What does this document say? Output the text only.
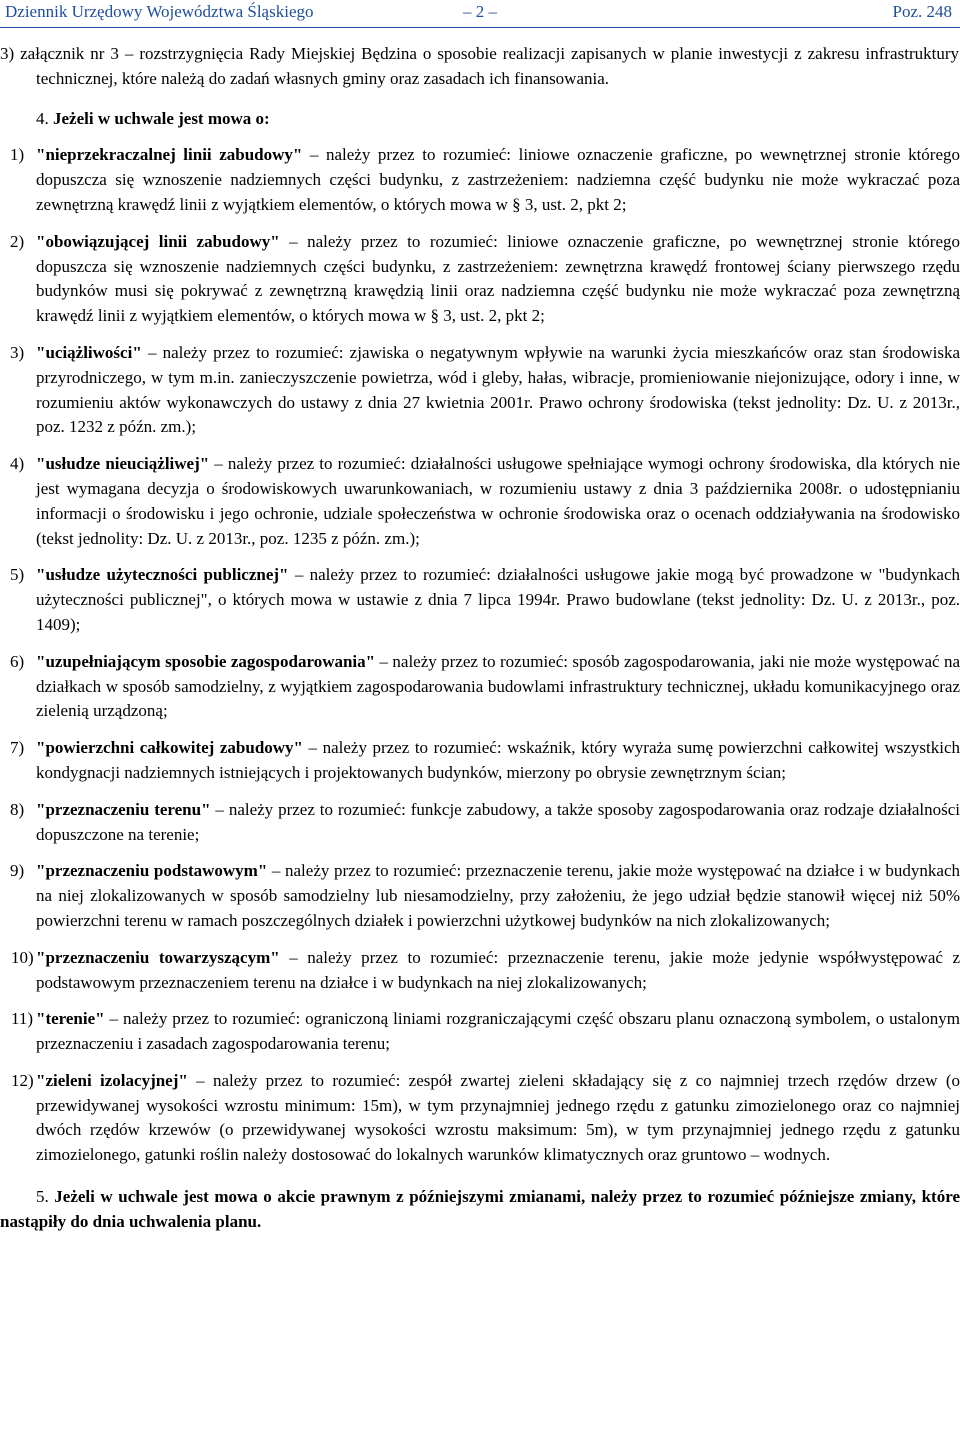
Dziennik Urzędowy Województwa Śląskiego	– 2 –	Poz. 248

3) załącznik nr 3 – rozstrzygnięcia Rady Miejskiej Będzina o sposobie realizacji zapisanych w planie inwestycji z zakresu infrastruktury technicznej, które należą do zadań własnych gminy oraz zasadach ich finansowania.

4. Jeżeli w uchwale jest mowa o:

1) "nieprzekraczalnej linii zabudowy" – należy przez to rozumieć: liniowe oznaczenie graficzne, po wewnętrznej stronie którego dopuszcza się wznoszenie nadziemnych części budynku, z zastrzeżeniem: nadziemna część budynku nie może wykraczać poza zewnętrzną krawędź linii z wyjątkiem elementów, o których mowa w § 3, ust. 2, pkt 2;

2) "obowiązującej linii zabudowy" – należy przez to rozumieć: liniowe oznaczenie graficzne, po wewnętrznej stronie którego dopuszcza się wznoszenie nadziemnych części budynku, z zastrzeżeniem: zewnętrzna krawędź frontowej ściany pierwszego rzędu budynków musi się pokrywać z zewnętrzną krawędzią linii oraz nadziemna część budynku nie może wykraczać poza zewnętrzną krawędź linii z wyjątkiem elementów, o których mowa w § 3, ust. 2, pkt 2;

3) "uciążliwości" – należy przez to rozumieć: zjawiska o negatywnym wpływie na warunki życia mieszkańców oraz stan środowiska przyrodniczego, w tym m.in. zanieczyszczenie powietrza, wód i gleby, hałas, wibracje, promieniowanie niejonizujące, odory i inne, w rozumieniu aktów wykonawczych do ustawy z dnia 27 kwietnia 2001r. Prawo ochrony środowiska (tekst jednolity: Dz. U. z 2013r., poz. 1232 z późn. zm.);

4) "usłudze nieuciążliwej" – należy przez to rozumieć: działalności usługowe spełniające wymogi ochrony środowiska, dla których nie jest wymagana decyzja o środowiskowych uwarunkowaniach, w rozumieniu ustawy z dnia 3 października 2008r. o udostępnianiu informacji o środowisku i jego ochronie, udziale społeczeństwa w ochronie środowiska oraz o ocenach oddziaływania na środowisko (tekst jednolity: Dz. U. z 2013r., poz. 1235 z późn. zm.);

5) "usłudze użyteczności publicznej" – należy przez to rozumieć: działalności usługowe jakie mogą być prowadzone w "budynkach użyteczności publicznej", o których mowa w ustawie z dnia 7 lipca 1994r. Prawo budowlane (tekst jednolity: Dz. U. z 2013r., poz. 1409);

6) "uzupełniającym sposobie zagospodarowania" – należy przez to rozumieć: sposób zagospodarowania, jaki nie może występować na działkach w sposób samodzielny, z wyjątkiem zagospodarowania budowlami infrastruktury technicznej, układu komunikacyjnego oraz zielenią urządzoną;

7) "powierzchni całkowitej zabudowy" – należy przez to rozumieć: wskaźnik, który wyraża sumę powierzchni całkowitej wszystkich kondygnacji nadziemnych istniejących i projektowanych budynków, mierzony po obrysie zewnętrznym ścian;

8) "przeznaczeniu terenu" – należy przez to rozumieć: funkcje zabudowy, a także sposoby zagospodarowania oraz rodzaje działalności dopuszczone na terenie;

9) "przeznaczeniu podstawowym" – należy przez to rozumieć: przeznaczenie terenu, jakie może występować na działce i w budynkach na niej zlokalizowanych w sposób samodzielny lub niesamodzielny, przy założeniu, że jego udział będzie stanowił więcej niż 50% powierzchni terenu w ramach poszczególnych działek i powierzchni użytkowej budynków na nich zlokalizowanych;

10) "przeznaczeniu towarzyszącym" – należy przez to rozumieć: przeznaczenie terenu, jakie może jedynie współwystępować z podstawowym przeznaczeniem terenu na działce i w budynkach na niej zlokalizowanych;

11) "terenie" – należy przez to rozumieć: ograniczoną liniami rozgraniczającymi część obszaru planu oznaczoną symbolem, o ustalonym przeznaczeniu i zasadach zagospodarowania terenu;

12) "zieleni izolacyjnej" – należy przez to rozumieć: zespół zwartej zieleni składający się z co najmniej trzech rzędów drzew (o przewidywanej wysokości wzrostu minimum: 15m), w tym przynajmniej jednego rzędu z gatunku zimozielonego oraz co najmniej dwóch rzędów krzewów (o przewidywanej wysokości wzrostu maksimum: 5m), w tym przynajmniej jednego rzędu z gatunku zimozielonego, gatunki roślin należy dostosować do lokalnych warunków klimatycznych oraz gruntowo – wodnych.

5. Jeżeli w uchwale jest mowa o akcie prawnym z późniejszymi zmianami, należy przez to rozumieć późniejsze zmiany, które nastąpiły do dnia uchwalenia planu.
